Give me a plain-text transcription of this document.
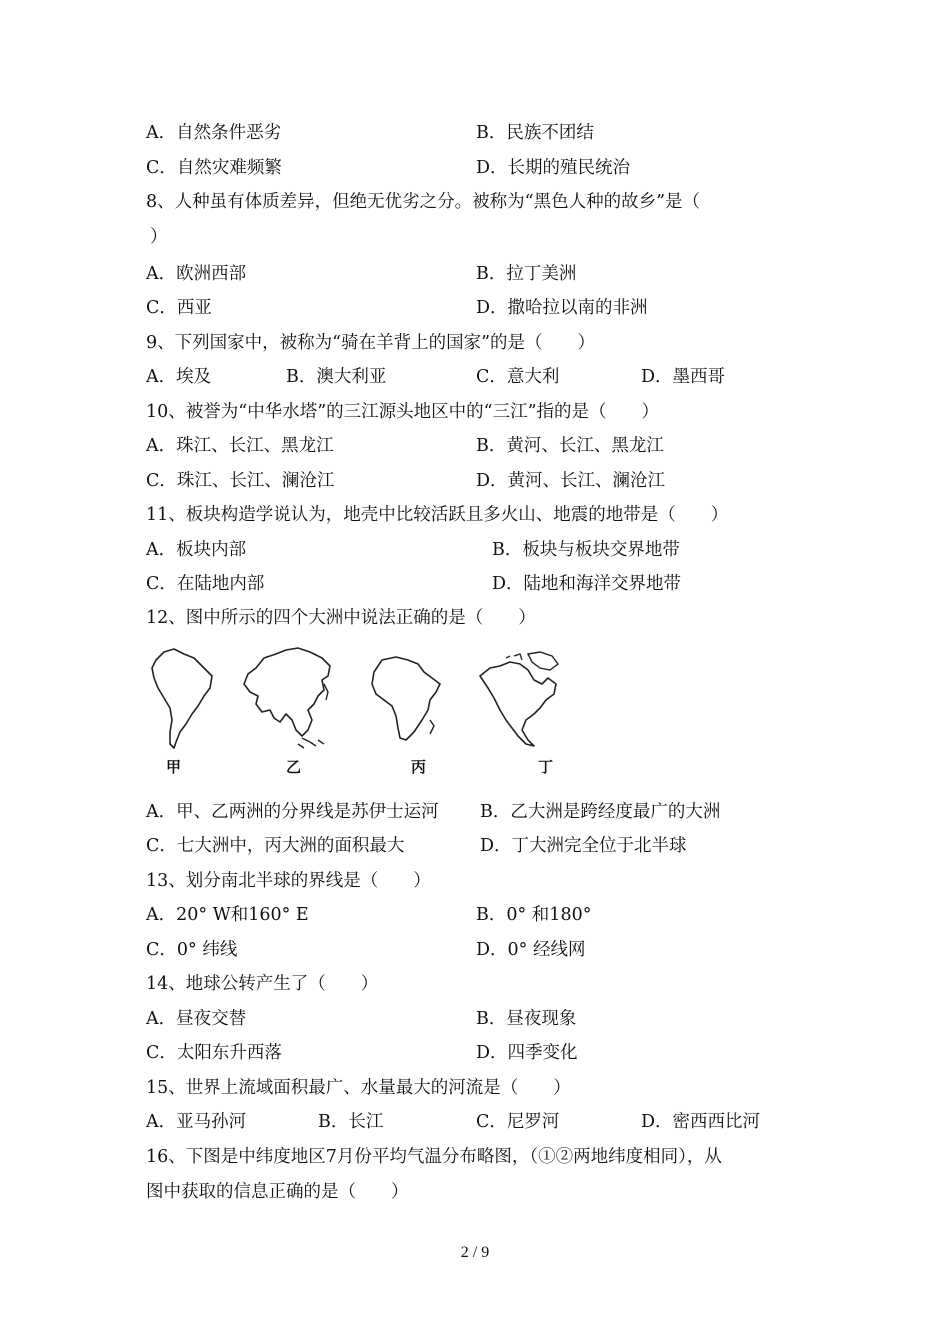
A．自然条件恶劣	B．民族不团结
C．自然灾难频繁	D．长期的殖民统治
8、人种虽有体质差异，但绝无优劣之分。被称为“黑色人种的故乡”是（
）
A．欧洲西部	B．拉丁美洲
C．西亚	D．撒哈拉以南的非洲
9、下列国家中，被称为“骑在羊背上的国家”的是（　　）
A．埃及	B．澳大利亚	C．意大利	D．墨西哥
10、被誉为“中华水塔”的三江源头地区中的“三江”指的是（　　）
A．珠江、长江、黑龙江	B．黄河、长江、黑龙江
C．珠江、长江、澜沧江	D．黄河、长江、澜沧江
11、板块构造学说认为，地壳中比较活跃且多火山、地震的地带是（　　）
A．板块内部	B．板块与板块交界地带
C．在陆地内部	D．陆地和海洋交界地带
12、图中所示的四个大洲中说法正确的是（　　）
甲	乙	丙	丁
A．甲、乙两洲的分界线是苏伊士运河 B．乙大洲是跨经度最广的大洲
C．七大洲中，丙大洲的面积最大	D．丁大洲完全位于北半球
13、划分南北半球的界线是（　　）
A．20° W和160° E	B．0° 和180°
C．0° 纬线	D．0° 经线网
14、地球公转产生了（　　）
A．昼夜交替	B．昼夜现象
C．太阳东升西落	D．四季变化
15、世界上流域面积最广、水量最大的河流是（　　）
A．亚马孙河	B．长江	C．尼罗河	D．密西西比河
16、下图是中纬度地区7月份平均气温分布略图，（①②两地纬度相同），从
图中获取的信息正确的是（　　）
2 / 9
